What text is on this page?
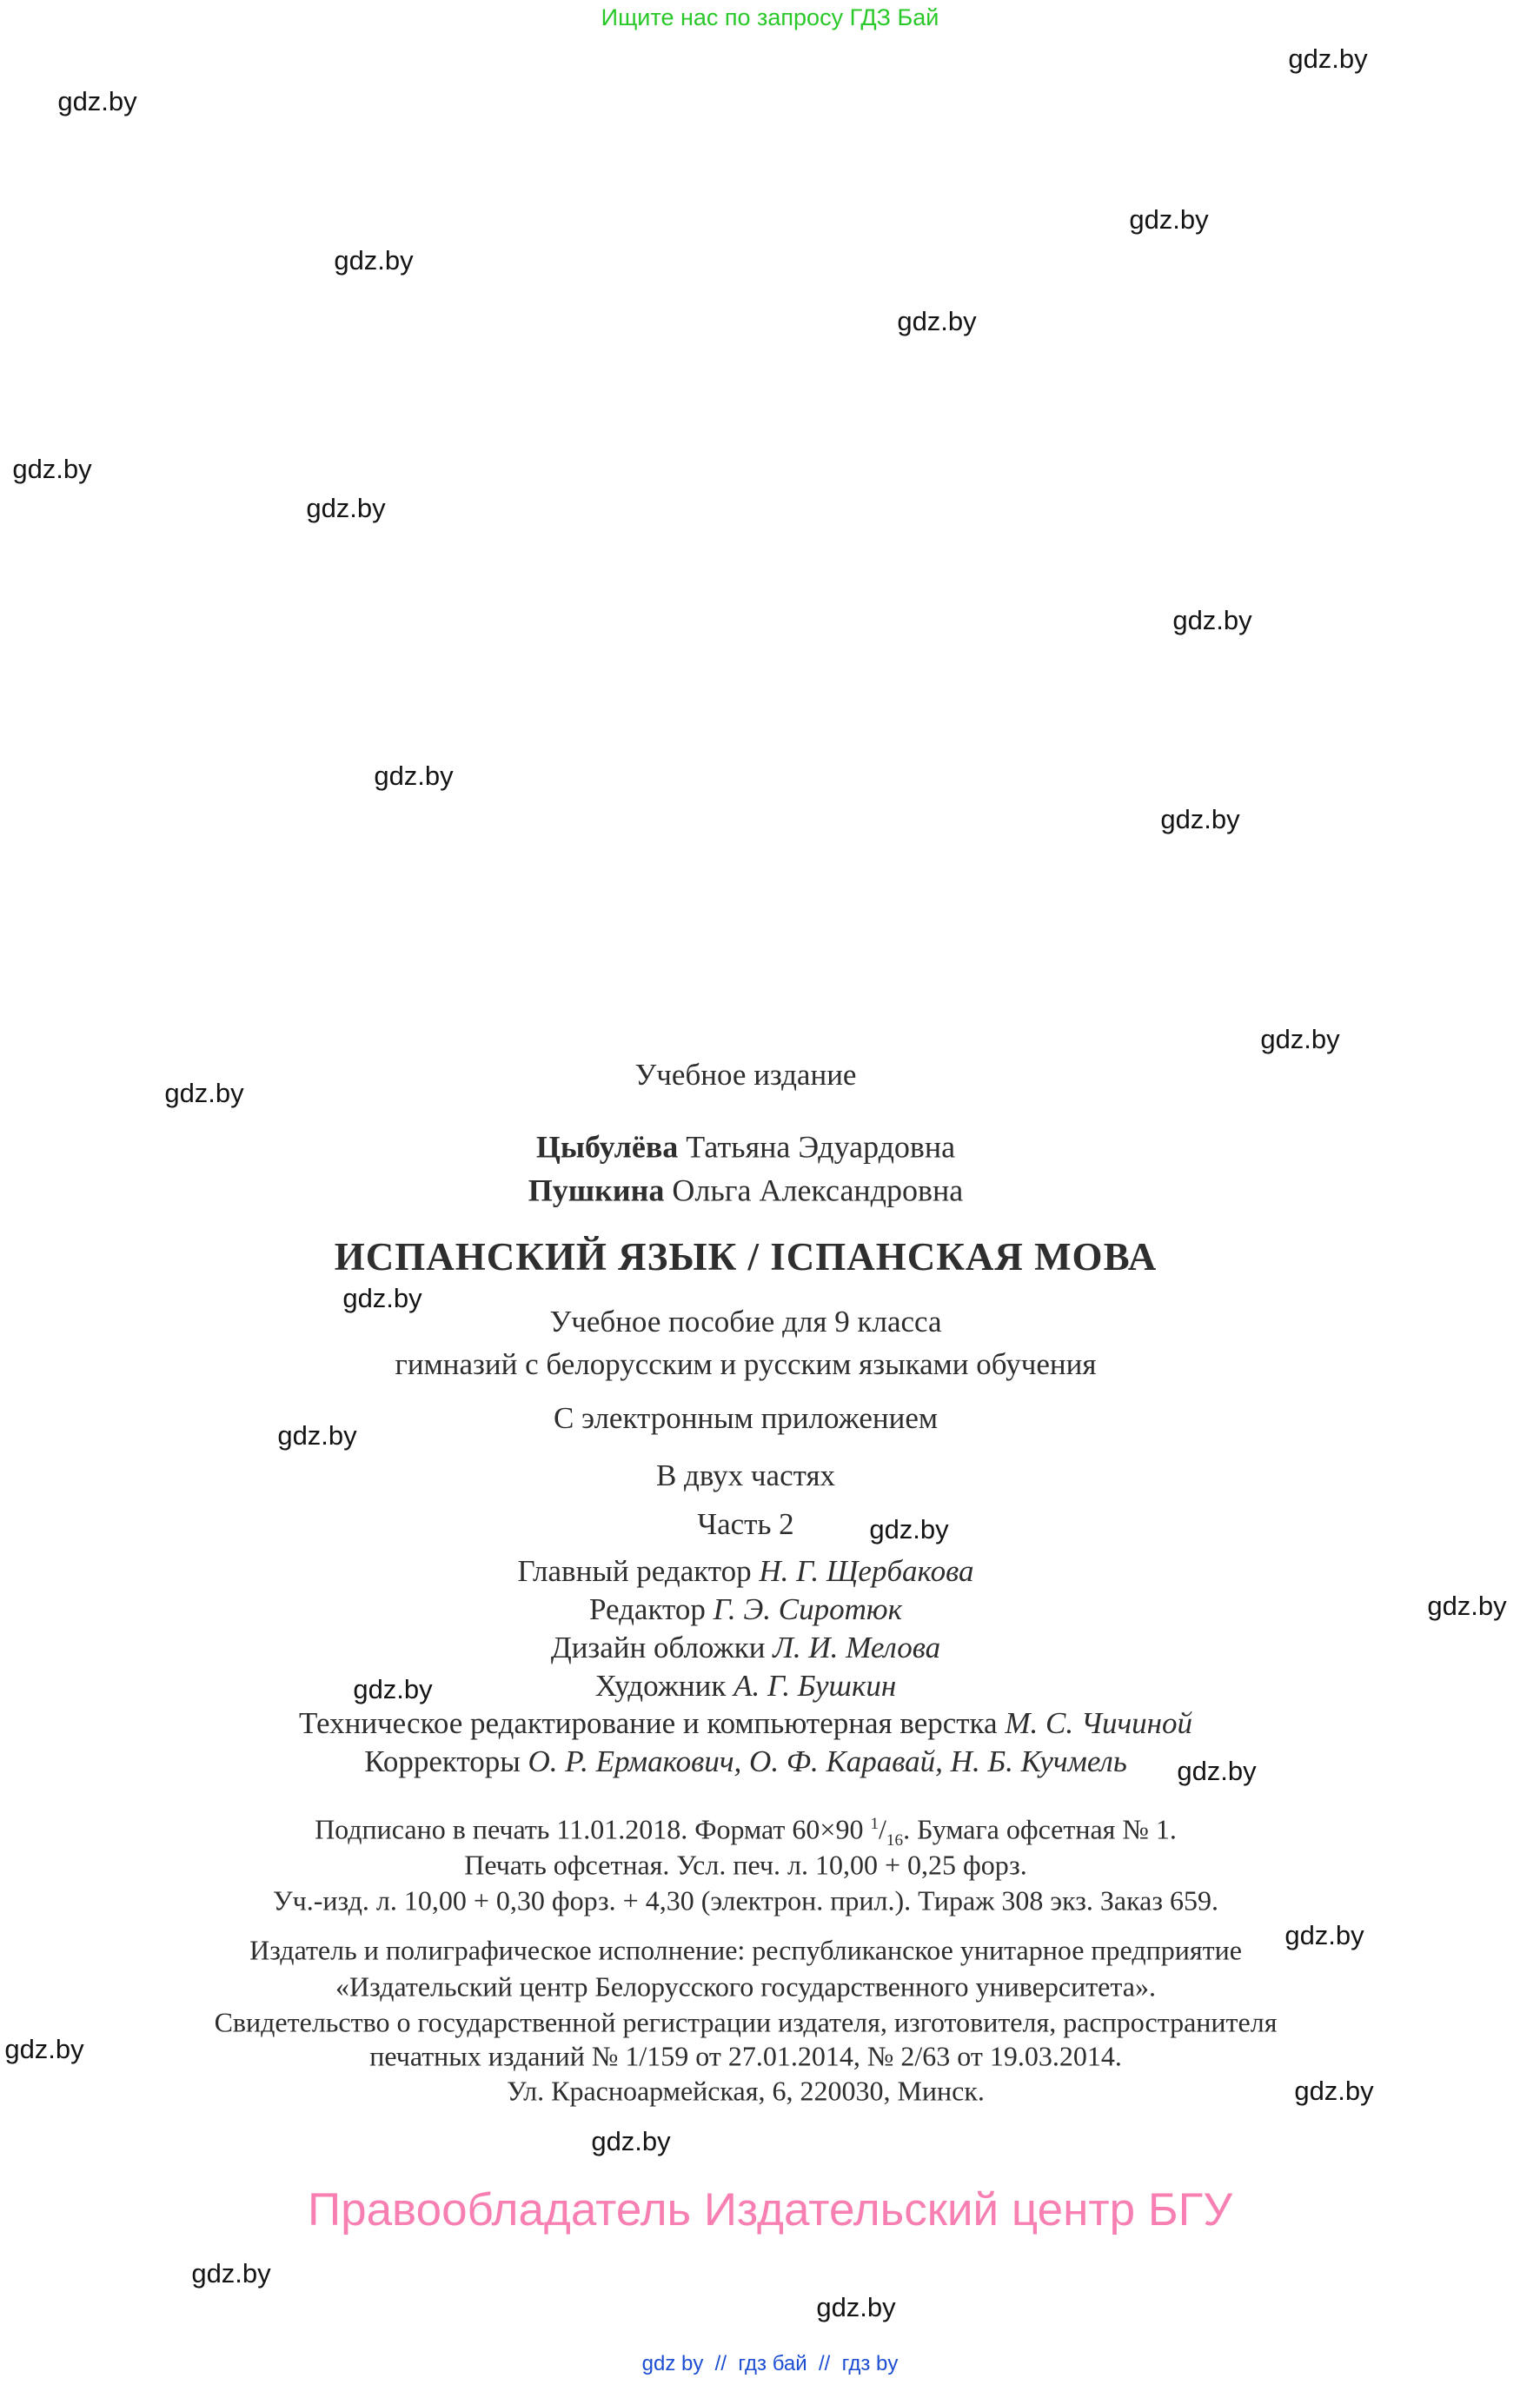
Ищите нас по запросу ГДЗ Бай
gdz.by
gdz.by
gdz.by
gdz.by
gdz.by
gdz.by
gdz.by
gdz.by
gdz.by
gdz.by
gdz.by
gdz.by
gdz.by
gdz.by
gdz.by
gdz.by
gdz.by
gdz.by
gdz.by
gdz.by
gdz.by
gdz.by
gdz.by
gdz.by
Учебное издание
Цыбулёва Татьяна Эдуардовна
Пушкина Ольга Александровна
ИСПАНСКИЙ ЯЗЫК / ІСПАНСКАЯ МОВА
Учебное пособие для 9 класса
гимназий с белорусским и русским языками обучения
С электронным приложением
В двух частях
Часть 2
Главный редактор Н. Г. Щербакова
Редактор Г. Э. Сиротюк
Дизайн обложки Л. И. Мелова
Художник А. Г. Бушкин
Техническое редактирование и компьютерная верстка М. С. Чичиной
Корректоры О. Р. Ермакович, О. Ф. Каравай, Н. Б. Кучмель
Подписано в печать 11.01.2018. Формат 60×90 $^1/_{16}$. Бумага офсетная № 1.
Печать офсетная. Усл. печ. л. 10,00 + 0,25 форз.
Уч.-изд. л. 10,00 + 0,30 форз. + 4,30 (электрон. прил.). Тираж 308 экз. Заказ 659.
Издатель и полиграфическое исполнение: республиканское унитарное предприятие
«Издательский центр Белорусского государственного университета».
Свидетельство о государственной регистрации издателя, изготовителя, распространителя
печатных изданий № 1/159 от 27.01.2014, № 2/63 от 19.03.2014.
Ул. Красноармейская, 6, 220030, Минск.
Правообладатель Издательский центр БГУ
gdz by  //  гдз бай  //  гдз by
